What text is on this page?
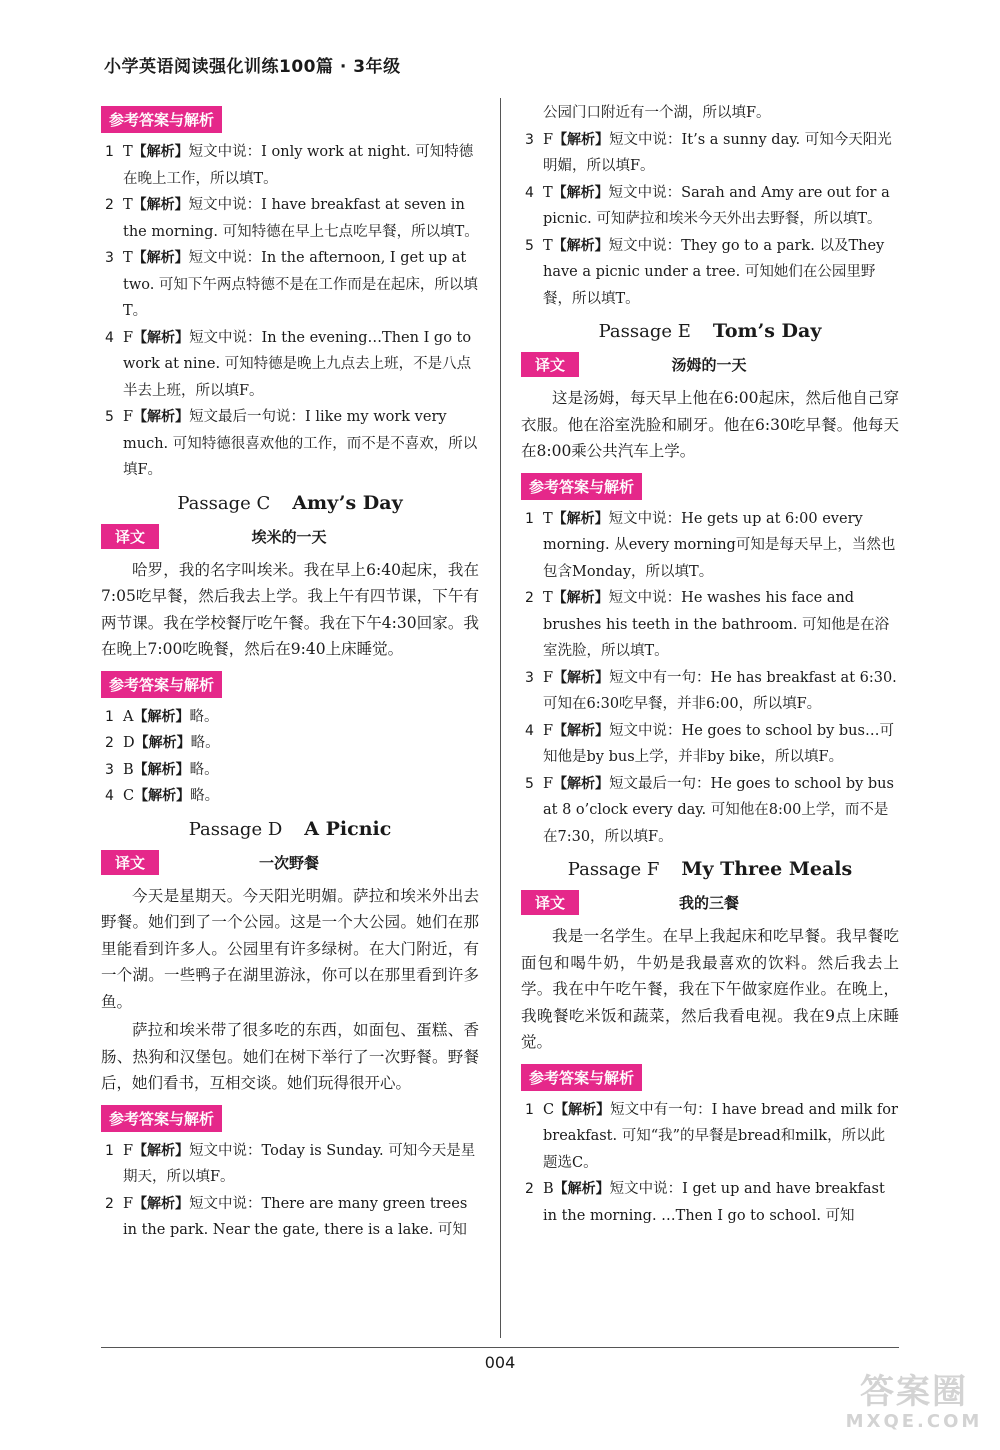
小学英语阅读强化训练100篇 · 3年级
参考答案与解析
1 T【解析】短文中说：I only work at night. 可知特德在晚上工作，所以填T。
2 T【解析】短文中说：I have breakfast at seven in the morning. 可知特德在早上七点吃早餐，所以填T。
3 T【解析】短文中说：In the afternoon, I get up at two. 可知下午两点特德不是在工作而是在起床，所以填T。
4 F【解析】短文中说：In the evening…Then I go to work at nine. 可知特德是晚上九点去上班，不是八点半去上班，所以填F。
5 F【解析】短文最后一句说：I like my work very much. 可知特德很喜欢他的工作，而不是不喜欢，所以填F。
Passage C Amy’s Day
译文	埃米的一天

哈罗，我的名字叫埃米。我在早上6:40起床，我在7:05吃早餐，然后我去上学。我上午有四节课，下午有两节课。我在学校餐厅吃午餐。我在下午4:30回家。我在晚上7:00吃晚餐，然后在9:40上床睡觉。

参考答案与解析
1 A【解析】略。
2 D【解析】略。
3 B【解析】略。
4 C【解析】略。
Passage D A Picnic
译文	一次野餐

今天是星期天。今天阳光明媚。萨拉和埃米外出去野餐。她们到了一个公园。这是一个大公园。她们在那里能看到许多人。公园里有许多绿树。在大门附近，有一个湖。一些鸭子在湖里游泳，你可以在那里看到许多鱼。

萨拉和埃米带了很多吃的东西，如面包、蛋糕、香肠、热狗和汉堡包。她们在树下举行了一次野餐。野餐后，她们看书，互相交谈。她们玩得很开心。

参考答案与解析
1 F【解析】短文中说：Today is Sunday. 可知今天是星期天，所以填F。
2 F【解析】短文中说：There are many green trees in the park. Near the gate, there is a lake. 可知
公园门口附近有一个湖，所以填F。
3 F【解析】短文中说：It’s a sunny day. 可知今天阳光明媚，所以填F。
4 T【解析】短文中说：Sarah and Amy are out for a picnic. 可知萨拉和埃米今天外出去野餐，所以填T。
5 T【解析】短文中说：They go to a park. 以及They have a picnic under a tree. 可知她们在公园里野餐，所以填T。
Passage E Tom’s Day
译文	汤姆的一天

这是汤姆，每天早上他在6:00起床，然后他自己穿衣服。他在浴室洗脸和刷牙。他在6:30吃早餐。他每天在8:00乘公共汽车上学。

参考答案与解析
1 T【解析】短文中说：He gets up at 6:00 every morning. 从every morning可知是每天早上，当然也包含Monday，所以填T。
2 T【解析】短文中说：He washes his face and brushes his teeth in the bathroom. 可知他是在浴室洗脸，所以填T。
3 F【解析】短文中有一句：He has breakfast at 6:30. 可知在6:30吃早餐，并非6:00，所以填F。
4 F【解析】短文中说：He goes to school by bus…可知他是by bus上学，并非by bike，所以填F。
5 F【解析】短文最后一句：He goes to school by bus at 8 o’clock every day. 可知他在8:00上学，而不是在7:30，所以填F。
Passage F My Three Meals
译文	我的三餐

我是一名学生。在早上我起床和吃早餐。我早餐吃面包和喝牛奶，牛奶是我最喜欢的饮料。然后我去上学。我在中午吃午餐，我在下午做家庭作业。在晚上，我晚餐吃米饭和蔬菜，然后我看电视。我在9点上床睡觉。

参考答案与解析
1 C【解析】短文中有一句：I have bread and milk for breakfast. 可知“我”的早餐是bread和milk，所以此题选C。
2 B【解析】短文中说：I get up and have breakfast in the morning. …Then I go to school. 可知
004
答案圈
MXQE.COM
